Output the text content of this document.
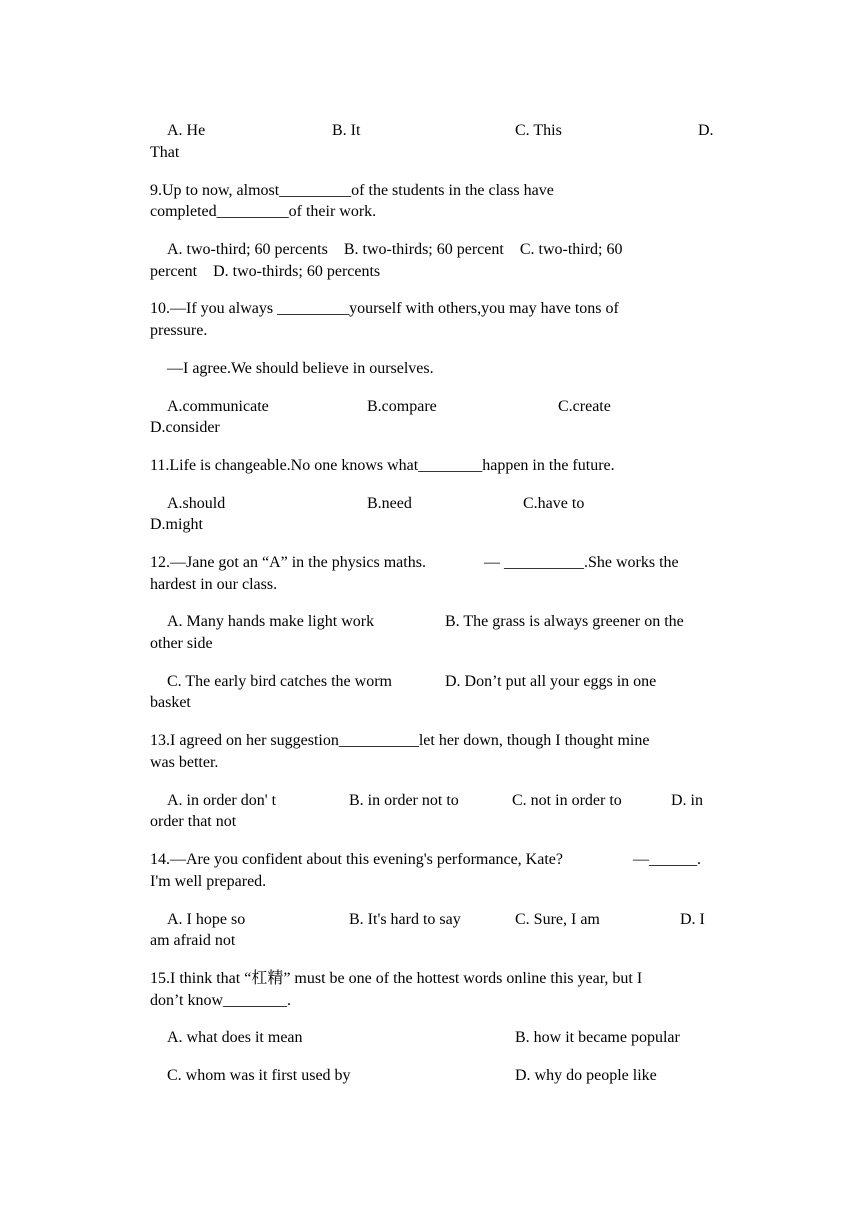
A. He	B. It	C. This	D.
That
9.Up to now, almost_________of the students in the class have
completed_________of their work.
A. two-third; 60 percents    B. two-thirds; 60 percent    C. two-third; 60
percent    D. two-thirds; 60 percents
10.—If you always _________yourself with others,you may have tons of
pressure.
—I agree.We should believe in ourselves.
A.communicate	B.compare	C.create
D.consider
11.Life is changeable.No one knows what________happen in the future.
A.should	B.need	C.have to
D.might
12.—Jane got an “A” in the physics maths.	— __________.She works the
hardest in our class.
A. Many hands make light work	B. The grass is always greener on the
other side
C. The early bird catches the worm	D. Don’t put all your eggs in one
basket
13.I agreed on her suggestion__________let her down, though I thought mine
was better.
A. in order don' t	B. in order not to	C. not in order to	D. in
order that not
14.―Are you confident about this evening's performance, Kate?	―______.
I'm well prepared.
A. I hope so	B. It's hard to say	C. Sure, I am	D. I
am afraid not
15.I think that “杠精” must be one of the hottest words online this year, but I
don’t know________.
A. what does it mean	B. how it became popular
C. whom was it first used by	D. why do people like
